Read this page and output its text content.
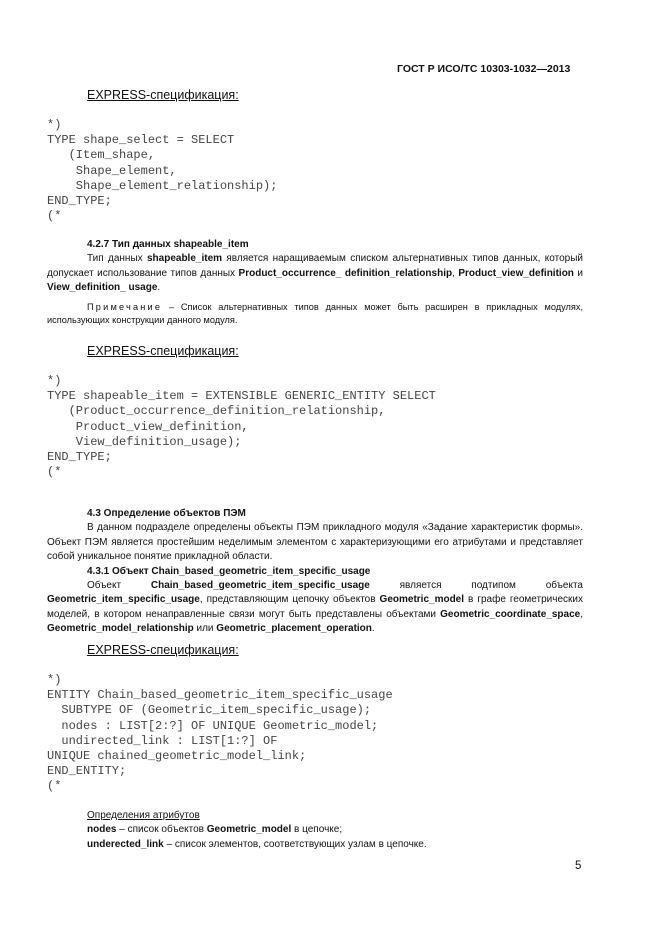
ГОСТ Р ИСО/ТС 10303-1032—2013
EXPRESS-спецификация:
*)
TYPE shape_select = SELECT
(Item_shape,
Shape_element,
Shape_element_relationship);
END_TYPE;
(*
4.2.7 Тип данных shapeable_item
Тип данных shapeable_item является наращиваемым списком альтернативных типов данных, который допускает использование типов данных Product_occurrence_ definition_relationship, Product_view_definition и View_definition_ usage.
Примечание – Список альтернативных типов данных может быть расширен в прикладных модулях, использующих конструкции данного модуля.
EXPRESS-спецификация:
*)
TYPE shapeable_item = EXTENSIBLE GENERIC_ENTITY SELECT
(Product_occurrence_definition_relationship,
Product_view_definition,
View_definition_usage);
END_TYPE;
(*
4.3 Определение объектов ПЭМ
В данном подразделе определены объекты ПЭМ прикладного модуля «Задание характеристик формы». Объект ПЭМ является простейшим неделимым элементом с характеризующими его атрибутами и представляет собой уникальное понятие прикладной области.
4.3.1 Объект Chain_based_geometric_item_specific_usage
Объект Chain_based_geometric_item_specific_usage является подтипом объекта Geometric_item_specific_usage, представляющим цепочку объектов Geometric_model в графе геометрических моделей, в котором ненаправленные связи могут быть представлены объектами Geometric_coordinate_space, Geometric_model_relationship или Geometric_placement_operation.
EXPRESS-спецификация:
*)
ENTITY Chain_based_geometric_item_specific_usage
SUBTYPE OF (Geometric_item_specific_usage);
nodes : LIST[2:?] OF UNIQUE Geometric_model;
undirected_link : LIST[1:?] OF
UNIQUE chained_geometric_model_link;
END_ENTITY;
(*
Определения атрибутов
nodes – список объектов Geometric_model в цепочке;
underected_link – список элементов, соответствующих узлам в цепочке.
5
